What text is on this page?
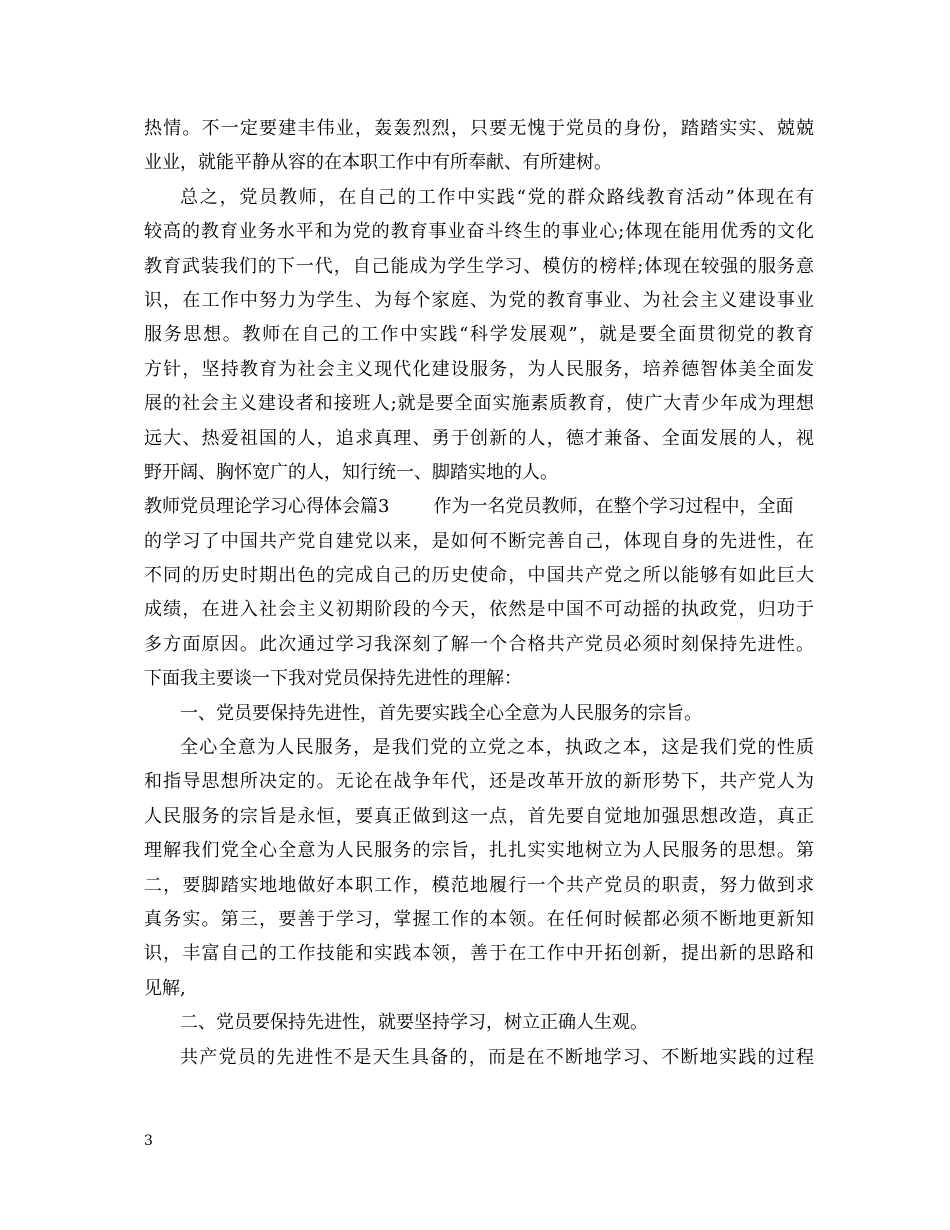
热情。不一定要建丰伟业，轰轰烈烈，只要无愧于党员的身份，踏踏实实、兢兢
业业，就能平静从容的在本职工作中有所奉献、有所建树。
总之，党员教师，在自己的工作中实践“党的群众路线教育活动”体现在有
较高的教育业务水平和为党的教育事业奋斗终生的事业心;体现在能用优秀的文化
教育武装我们的下一代，自己能成为学生学习、模仿的榜样;体现在较强的服务意
识，在工作中努力为学生、为每个家庭、为党的教育事业、为社会主义建设事业
服务思想。教师在自己的工作中实践“科学发展观”，就是要全面贯彻党的教育
方针，坚持教育为社会主义现代化建设服务，为人民服务，培养德智体美全面发
展的社会主义建设者和接班人;就是要全面实施素质教育，使广大青少年成为理想
远大、热爱祖国的人，追求真理、勇于创新的人，德才兼备、全面发展的人，视
野开阔、胸怀宽广的人，知行统一、脚踏实地的人。
教师党员理论学习心得体会篇3 作为一名党员教师，在整个学习过程中，全面
的学习了中国共产党自建党以来，是如何不断完善自己，体现自身的先进性，在
不同的历史时期出色的完成自己的历史使命，中国共产党之所以能够有如此巨大
成绩，在进入社会主义初期阶段的今天，依然是中国不可动摇的执政党，归功于
多方面原因。此次通过学习我深刻了解一个合格共产党员必须时刻保持先进性。
下面我主要谈一下我对党员保持先进性的理解：
一、党员要保持先进性，首先要实践全心全意为人民服务的宗旨。
全心全意为人民服务，是我们党的立党之本，执政之本，这是我们党的性质
和指导思想所决定的。无论在战争年代，还是改革开放的新形势下，共产党人为
人民服务的宗旨是永恒，要真正做到这一点，首先要自觉地加强思想改造，真正
理解我们党全心全意为人民服务的宗旨，扎扎实实地树立为人民服务的思想。第
二，要脚踏实地地做好本职工作，模范地履行一个共产党员的职责，努力做到求
真务实。第三，要善于学习，掌握工作的本领。在任何时候都必须不断地更新知
识，丰富自己的工作技能和实践本领，善于在工作中开拓创新，提出新的思路和
见解,
二、党员要保持先进性，就要坚持学习，树立正确人生观。
共产党员的先进性不是天生具备的，而是在不断地学习、不断地实践的过程
3
